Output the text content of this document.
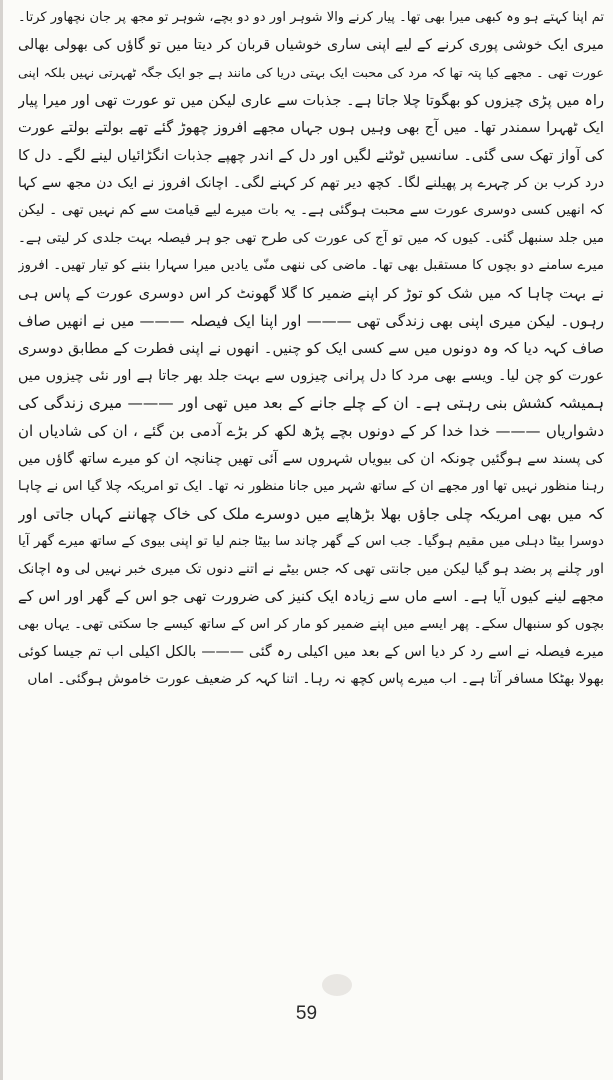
تم اپنا کہتے ہو وہ کبھی میرا بھی تھا۔ پیار کرنے والا شوہر اور دو دو بچے، شوہر تو مجھ پر جان نچھاور کرتا۔
میری ایک خوشی پوری کرنے کے لیے اپنی ساری خوشیاں قربان کر دیتا میں تو گاؤں کی بھولی بھالی
عورت تھی ۔ مجھے کیا پتہ تھا کہ مرد کی محبت ایک بہتی دریا کی مانند ہے جو ایک جگہ ٹھہرتی نہیں بلکہ اپنی
راہ میں پڑی چیزوں کو بھگوتا چلا جاتا ہے۔ جذبات سے عاری لیکن میں تو عورت تھی اور میرا پیار
ایک ٹھہرا سمندر تھا۔ میں آج بھی وہیں ہوں جہاں مجھے افروز چھوڑ گئے تھے بولتے بولتے عورت
کی آواز تھک سی گئی۔ سانسیں ٹوٹنے لگیں اور دل کے اندر چھپے جذبات انگڑائیاں لینے لگے۔ دل کا
درد کرب بن کر چہرے پر پھیلنے لگا۔ کچھ دیر تھم کر کہنے لگی۔ اچانک افروز نے ایک دن مجھ سے کہا
کہ انھیں کسی دوسری عورت سے محبت ہوگئی ہے۔ یہ بات میرے لیے قیامت سے کم نہیں تھی ۔ لیکن
میں جلد سنبھل گئی۔ کیوں کہ میں تو آج کی عورت کی طرح تھی جو ہر فیصلہ بہت جلدی کر لیتی ہے۔
میرے سامنے دو بچوں کا مستقبل بھی تھا۔ ماضی کی ننھی منّی یادیں میرا سہارا بننے کو تیار تھیں۔ افروز
نے بہت چاہا کہ میں شک کو توڑ کر اپنے ضمیر کا گلا گھونٹ کر اس دوسری عورت کے پاس ہی
رہوں۔ لیکن میری اپنی بھی زندگی تھی ——— اور اپنا ایک فیصلہ ——— میں نے انھیں صاف
صاف کہہ دیا کہ وہ دونوں میں سے کسی ایک کو چنیں۔ انھوں نے اپنی فطرت کے مطابق دوسری
عورت کو چن لیا۔ ویسے بھی مرد کا دل پرانی چیزوں سے بہت جلد بھر جاتا ہے اور نئی چیزوں میں
ہمیشہ کشش بنی رہتی ہے۔ ان کے چلے جانے کے بعد میں تھی اور ——— میری زندگی کی
دشواریاں ——— خدا خدا کر کے دونوں بچے پڑھ لکھ کر بڑے آدمی بن گئے ، ان کی شادیاں ان
کی پسند سے ہوگئیں چونکہ ان کی بیویاں شہروں سے آئی تھیں چنانچہ ان کو میرے ساتھ گاؤں میں
رہنا منظور نہیں تھا اور مجھے ان کے ساتھ شہر میں جانا منظور نہ تھا۔ ایک تو امریکہ چلا گیا اس نے چاہا
کہ میں بھی امریکہ چلی جاؤں بھلا بڑھاپے میں دوسرے ملک کی خاک چھاننے کہاں جاتی اور
دوسرا بیٹا دہلی میں مقیم ہوگیا۔ جب اس کے گھر چاند سا بیٹا جنم لیا تو اپنی بیوی کے ساتھ میرے گھر آیا
اور چلنے پر بضد ہو گیا لیکن میں جانتی تھی کہ جس بیٹے نے اتنے دنوں تک میری خبر نہیں لی وہ اچانک
مجھے لینے کیوں آیا ہے۔ اسے ماں سے زیادہ ایک کنیز کی ضرورت تھی جو اس کے گھر اور اس کے
بچوں کو سنبھال سکے۔ پھر ایسے میں اپنے ضمیر کو مار کر اس کے ساتھ کیسے جا سکتی تھی۔ یہاں بھی
میرے فیصلہ نے اسے رد کر دیا اس کے بعد میں اکیلی رہ گئی ——— بالکل اکیلی اب تم جیسا کوئی
بھولا بھٹکا مسافر آتا ہے۔ اب میرے پاس کچھ نہ رہا۔ اتنا کہہ کر ضعیف عورت خاموش ہوگئی۔ اماں
59
